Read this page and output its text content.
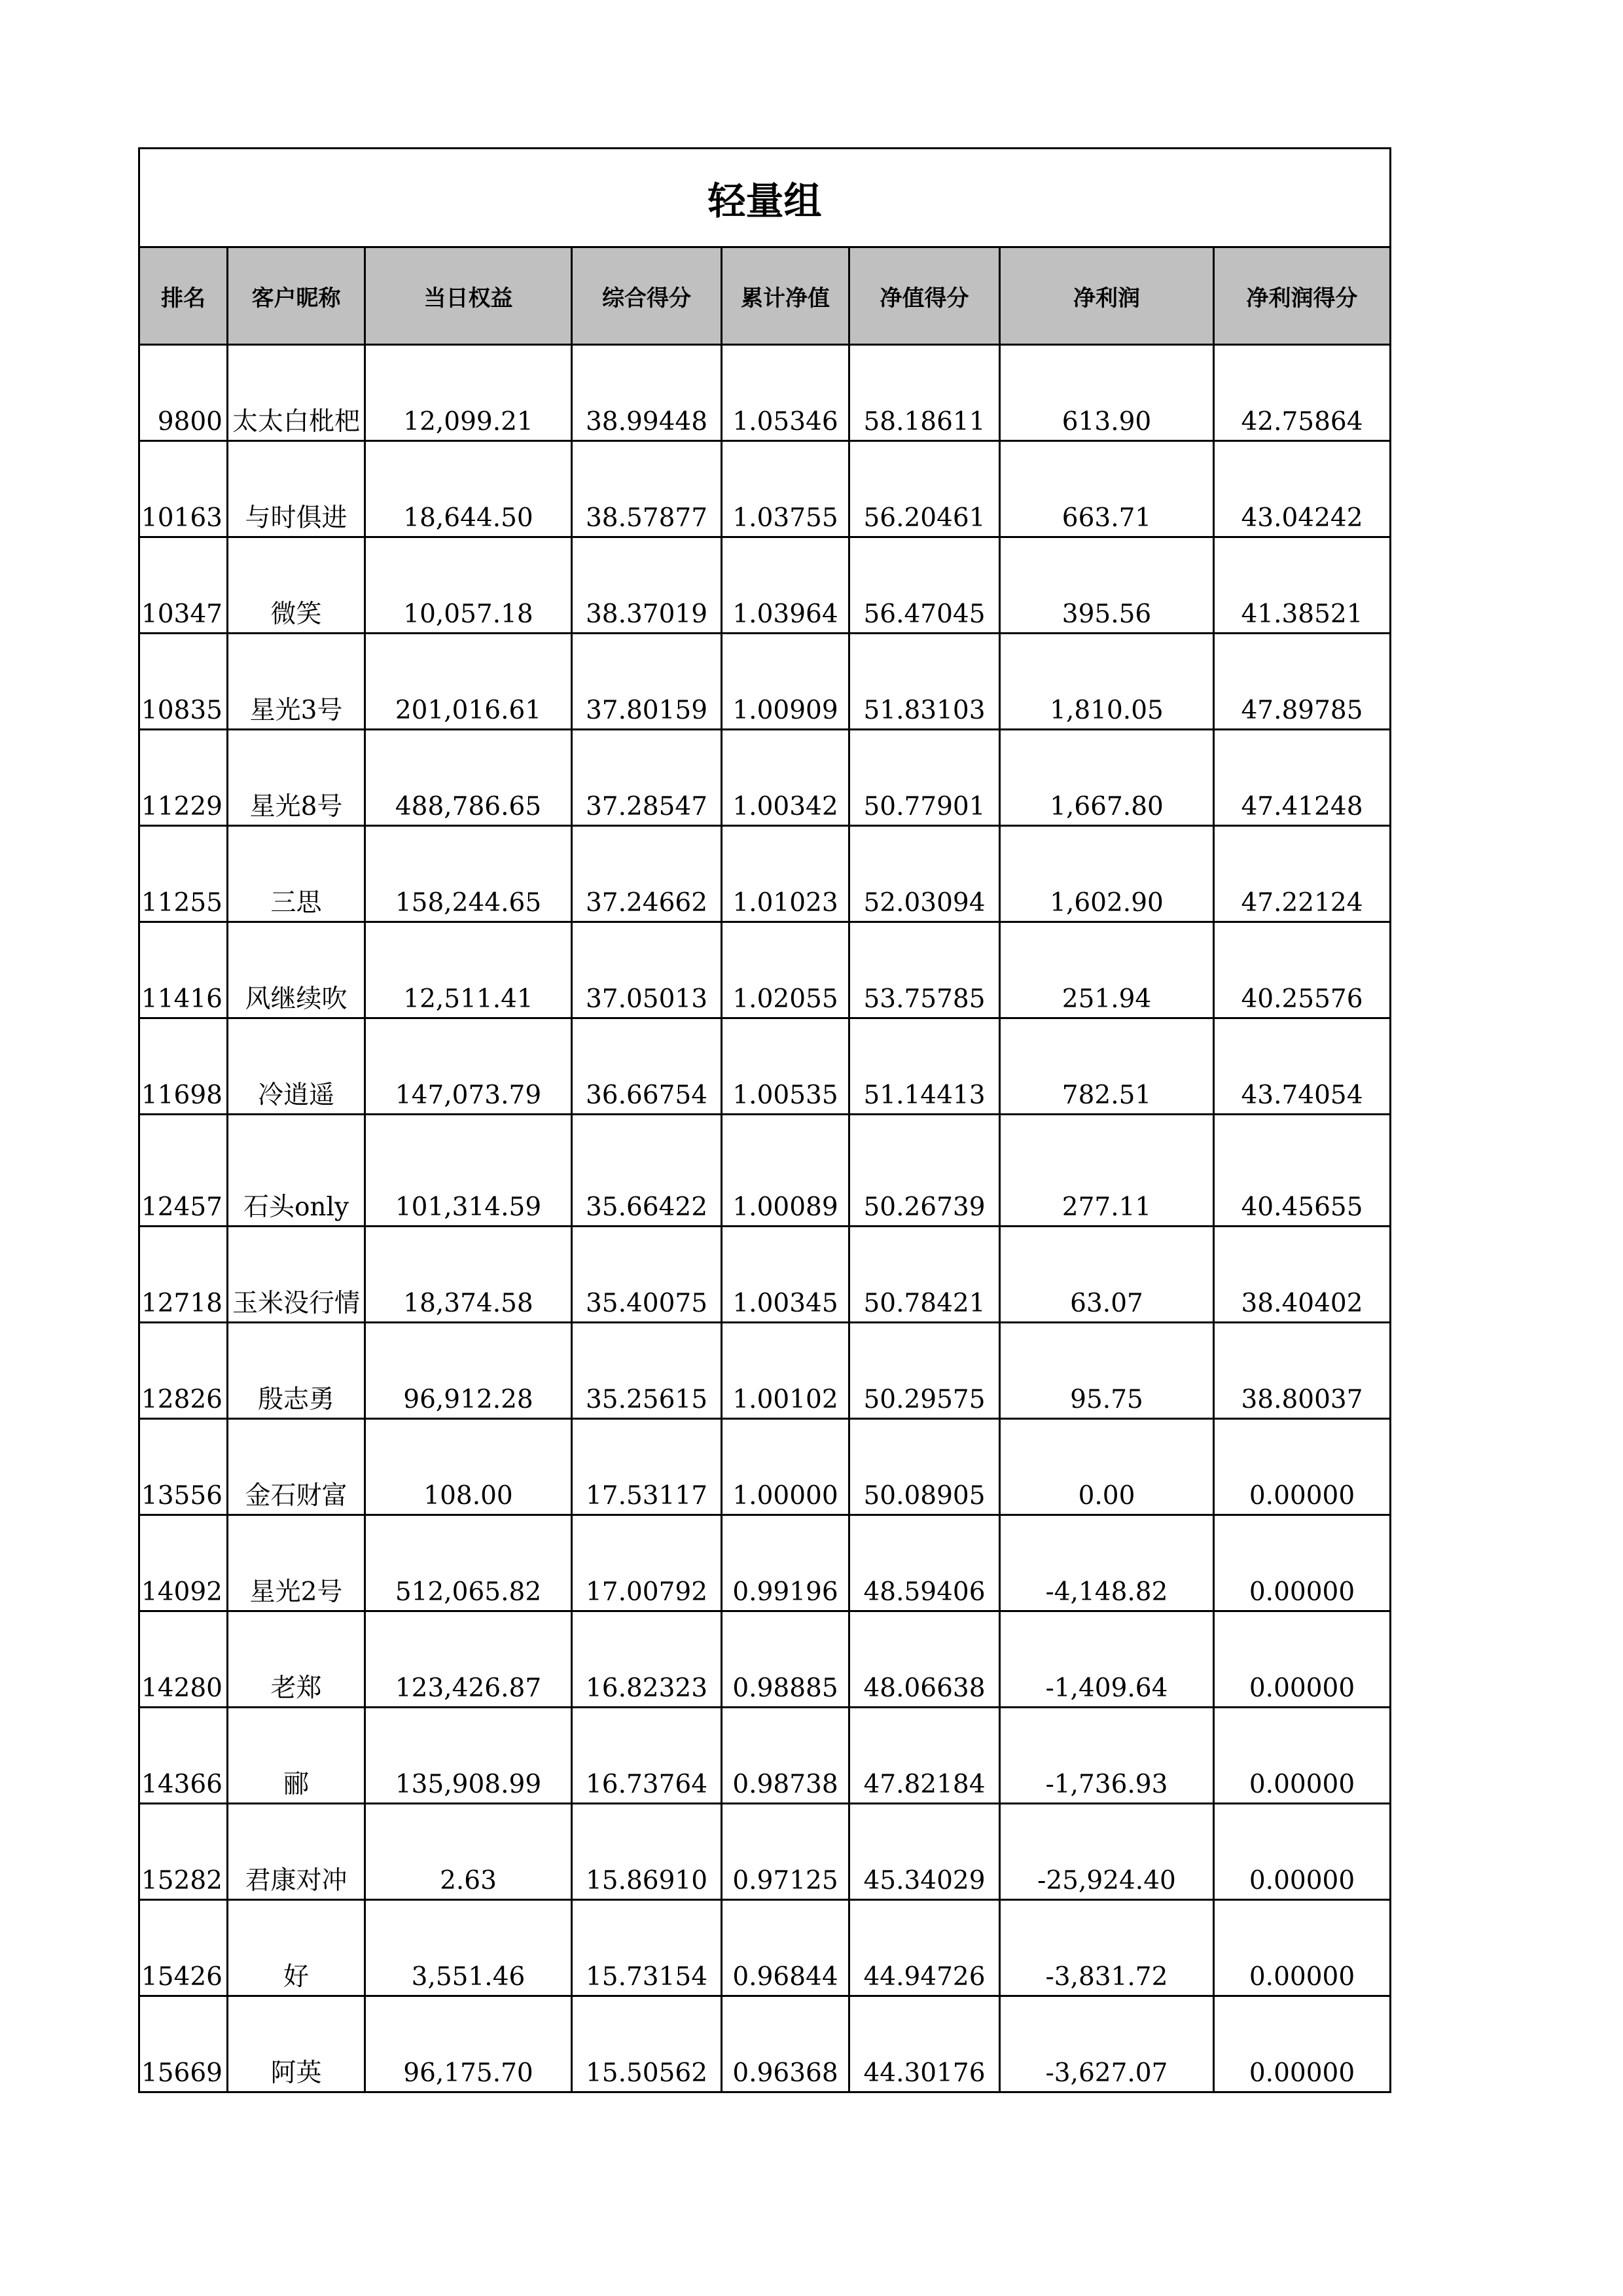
轻量组							
排名	客户昵称	当日权益	综合得分	累计净值	净值得分	净利润	净利润得分
9800	太太白枇杷	12,099.21	38.99448	1.05346	58.18611	613.90	42.75864
10163	与时俱进	18,644.50	38.57877	1.03755	56.20461	663.71	43.04242
10347	微笑	10,057.18	38.37019	1.03964	56.47045	395.56	41.38521
10835	星光3号	201,016.61	37.80159	1.00909	51.83103	1,810.05	47.89785
11229	星光8号	488,786.65	37.28547	1.00342	50.77901	1,667.80	47.41248
11255	三思	158,244.65	37.24662	1.01023	52.03094	1,602.90	47.22124
11416	风继续吹	12,511.41	37.05013	1.02055	53.75785	251.94	40.25576
11698	冷逍遥	147,073.79	36.66754	1.00535	51.14413	782.51	43.74054
12457	石头only	101,314.59	35.66422	1.00089	50.26739	277.11	40.45655
12718	玉米没行情	18,374.58	35.40075	1.00345	50.78421	63.07	38.40402
12826	殷志勇	96,912.28	35.25615	1.00102	50.29575	95.75	38.80037
13556	金石财富	108.00	17.53117	1.00000	50.08905	0.00	0.00000
14092	星光2号	512,065.82	17.00792	0.99196	48.59406	-4,148.82	0.00000
14280	老郑	123,426.87	16.82323	0.98885	48.06638	-1,409.64	0.00000
14366	郦	135,908.99	16.73764	0.98738	47.82184	-1,736.93	0.00000
15282	君康对冲	2.63	15.86910	0.97125	45.34029	-25,924.40	0.00000
15426	好	3,551.46	15.73154	0.96844	44.94726	-3,831.72	0.00000
15669	阿英	96,175.70	15.50562	0.96368	44.30176	-3,627.07	0.00000
